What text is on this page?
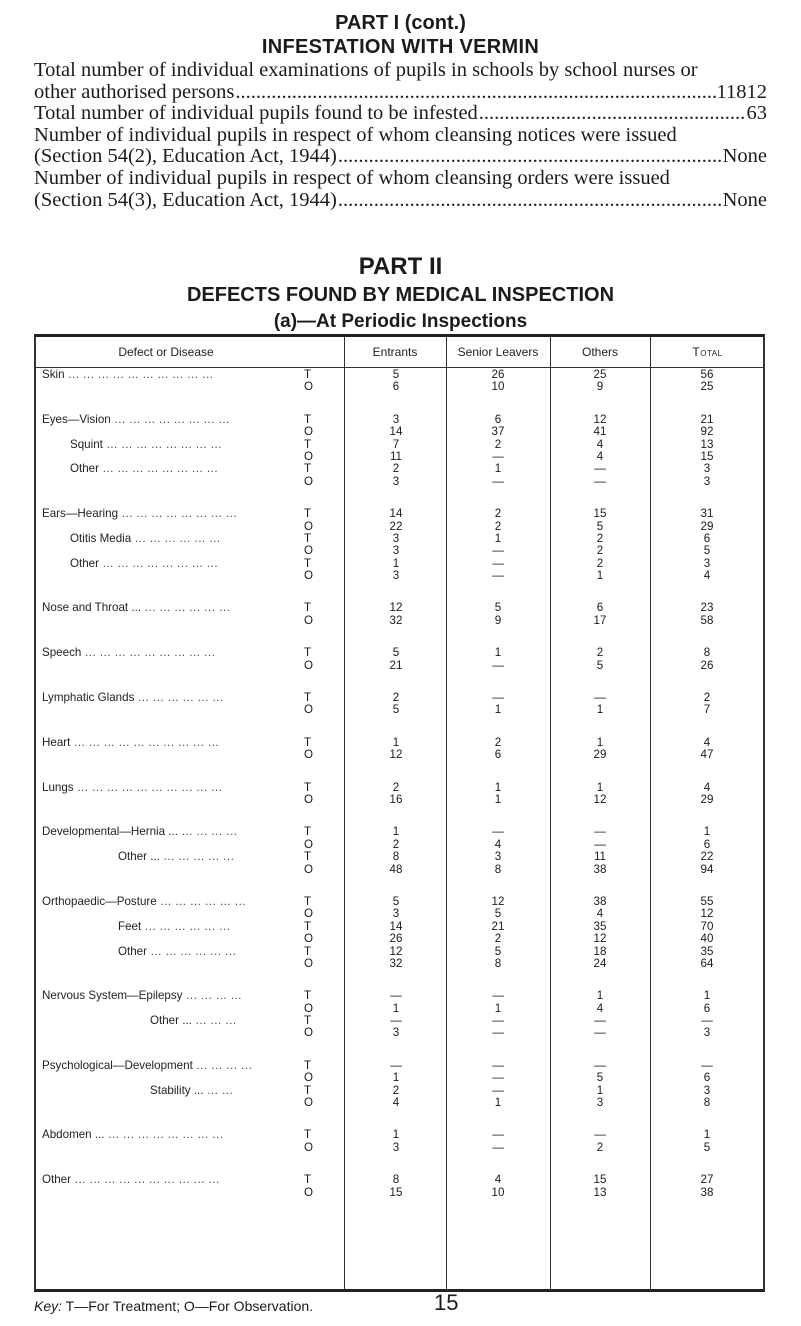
PART I (cont.)
INFESTATION WITH VERMIN
Total number of individual examinations of pupils in schools by school nurses or
other authorised persons .....	11812
Total number of individual pupils found to be infested .....	63
Number of individual pupils in respect of whom cleansing notices were issued
(Section 54(2), Education Act, 1944) .....	None
Number of individual pupils in respect of whom cleansing orders were issued
(Section 54(3), Education Act, 1944) .....	None
PART II
DEFECTS FOUND BY MEDICAL INSPECTION
(a)—At Periodic Inspections
Defect or Disease	Entrants	Senior Leavers	Others	Total
Skin ... ... ... ... ... ... ... ... ... ...	T	5	26	25	56
O	6	10	9	25
Eyes—Vision ... ... ... ... ... ... ... ...	T	3	6	12	21
O	14	37	41	92
Squint ... ... ... ... ... ... ... ...	T	7	2	4	13
O	11	—	4	15
Other ... ... ... ... ... ... ... ...	T	2	1	—	3
O	3	—	—	3
Ears—Hearing ... ... ... ... ... ... ... ...	T	14	2	15	31
O	22	2	5	29
Otitis Media ... ... ... ... ... ...	T	3	1	2	6
O	3	—	2	5
Other ... ... ... ... ... ... ... ...	T	1	—	2	3
O	3	—	1	4
Nose and Throat ... ... ... ... ... ... ...	T	12	5	6	23
O	32	9	17	58
Speech ... ... ... ... ... ... ... ... ...	T	5	1	2	8
O	21	—	5	26
Lymphatic Glands ... ... ... ... ... ...	T	2	—	—	2
O	5	1	1	7
Heart ... ... ... ... ... ... ... ... ... ...	T	1	2	1	4
O	12	6	29	47
Lungs ... ... ... ... ... ... ... ... ... ...	T	2	1	1	4
O	16	1	12	29
Developmental—Hernia ... ... ... ... ...	T	1	—	—	1
O	2	4	—	6
Other ... ... ... ... ... ...	T	8	3	11	22
O	48	8	38	94
Orthopaedic—Posture ... ... ... ... ... ...	T	5	12	38	55
O	3	5	4	12
Feet ... ... ... ... ... ...	T	14	21	35	70
O	26	2	12	40
Other ... ... ... ... ... ...	T	12	5	18	35
O	32	8	24	64
Nervous System—Epilepsy ... ... ... ...	T	—	—	1	1
O	1	1	4	6
Other ... ... ... ...	T	—	—	—	—
O	3	—	—	3
Psychological—Development ... ... ... ...	T	—	—	—	—
O	1	—	5	6
Stability ... ... ...	T	2	—	1	3
O	4	1	3	8
Abdomen ... ... ... ... ... ... ... ... ...	T	1	—	—	1
O	3	—	2	5
Other ... ... ... ... ... ... ... ... ... ...	T	8	4	15	27
O	15	10	13	38
Key: T—For Treatment; O—For Observation.	15
